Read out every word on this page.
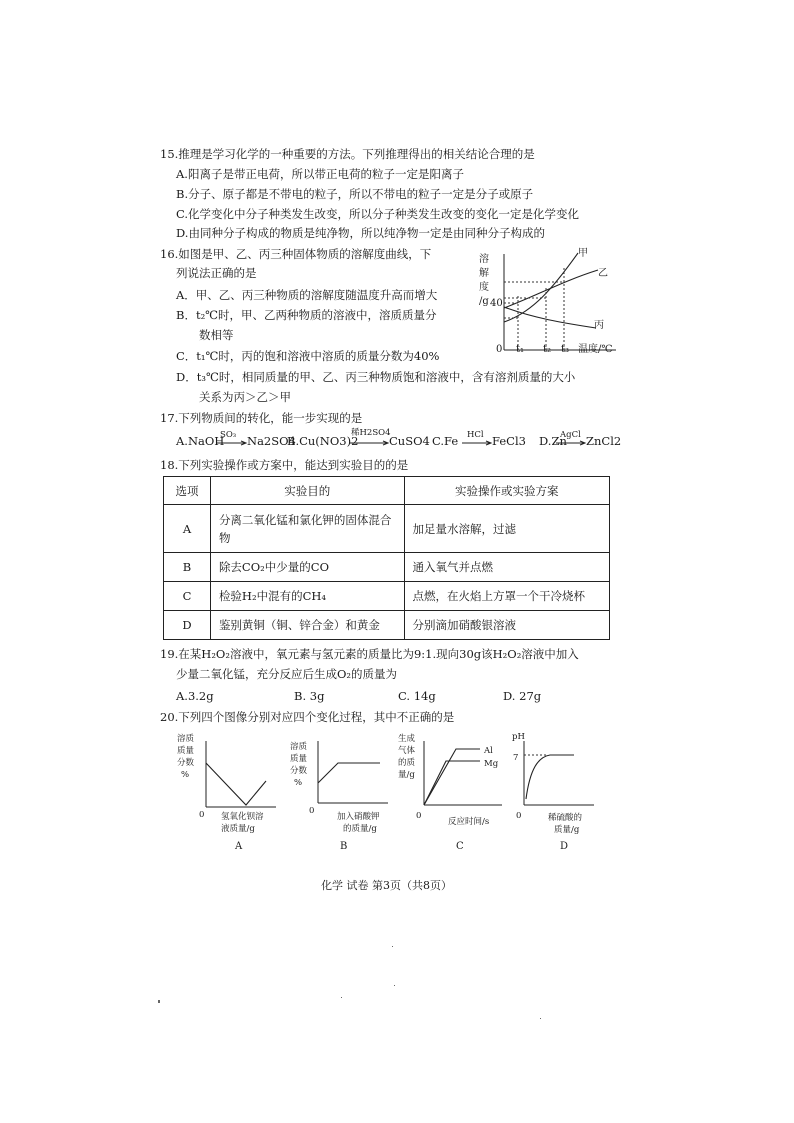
15.推理是学习化学的一种重要的方法。下列推理得出的相关结论合理的是
A.阳离子是带正电荷，所以带正电荷的粒子一定是阳离子
B.分子、原子都是不带电的粒子，所以不带电的粒子一定是分子或原子
C.化学变化中分子种类发生改变，所以分子种类发生改变的变化一定是化学变化
D.由同种分子构成的物质是纯净物，所以纯净物一定是由同种分子构成的
16.如图是甲、乙、丙三种固体物质的溶解度曲线，下
列说法正确的是
A．甲、乙、丙三种物质的溶解度随温度升高而增大
B．t₂℃时，甲、乙两种物质的溶液中，溶质质量分
数相等
C．t₁℃时，丙的饱和溶液中溶质的质量分数为40%
D．t₃℃时，相同质量的甲、乙、丙三种物质饱和溶液中，含有溶剂质量的大小
关系为丙＞乙＞甲
溶
解
度
/g 40
0 t₁ t₂ t₃ 温度/℃
甲
乙
丙
17.下列物质间的转化，能一步实现的是
A.NaOH
SO₃ Na2SO4
B.Cu(NO3)2
稀H2SO4
CuSO4 C.Fe HCl FeCl3 D.Zn
AgCl ZnCl2
18.下列实验操作或方案中，能达到实验目的的是
选项	实验目的	实验操作或实验方案
A	分离二氧化锰和氯化钾的固体混合物	加足量水溶解，过滤
B	除去CO₂中少量的CO	通入氧气并点燃
C	检验H₂中混有的CH₄	点燃，在火焰上方罩一个干冷烧杯
D	鉴别黄铜（铜、锌合金）和黄金	分别滴加硝酸银溶液
19.在某H₂O₂溶液中，氧元素与氢元素的质量比为9:1.现向30g该H₂O₂溶液中加入
少量二氧化锰，充分反应后生成O₂的质量为
A.3.2g	B. 3g	C. 14g	D. 27g
20.下列四个图像分别对应四个变化过程，其中不正确的是
溶质
质量
分数
%
0 氢氧化钡溶
液质量/g
A
溶质
质量
分数
%
0
加入硝酸钾
的质量/g
B
生成
气体
的质
量/g
Al
Mg
0
反应时间/s
C
pH
7
0	稀硫酸的
质量/g
D
化学 试卷 第3页（共8页）
